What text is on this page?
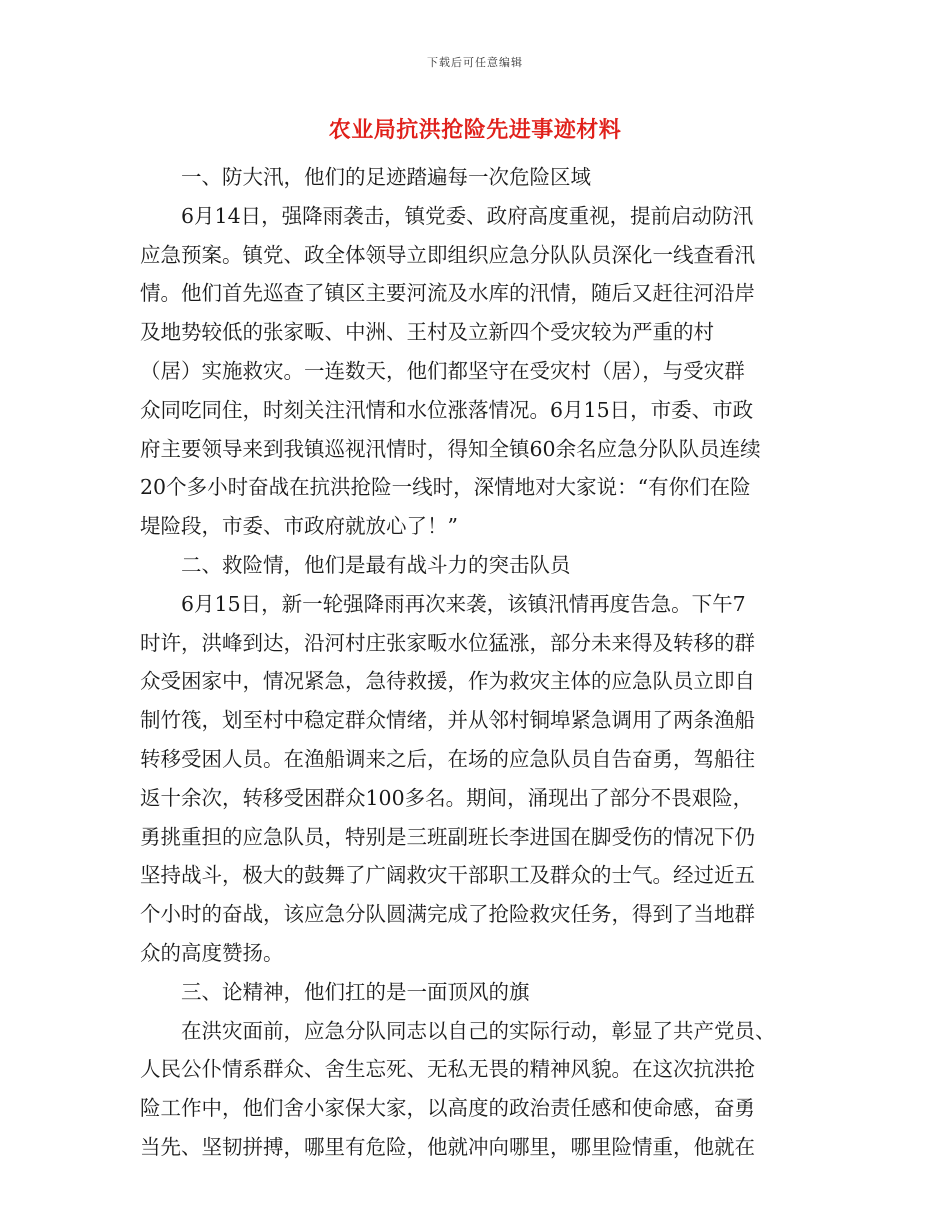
下载后可任意编辑
农业局抗洪抢险先进事迹材料
一、防大汛，他们的足迹踏遍每一次危险区域
6月14日，强降雨袭击，镇党委、政府高度重视，提前启动防汛
应急预案。镇党、政全体领导立即组织应急分队队员深化一线查看汛
情。他们首先巡查了镇区主要河流及水库的汛情，随后又赶往河沿岸
及地势较低的张家畈、中洲、王村及立新四个受灾较为严重的村
（居）实施救灾。一连数天，他们都坚守在受灾村（居），与受灾群
众同吃同住，时刻关注汛情和水位涨落情况。6月15日，市委、市政
府主要领导来到我镇巡视汛情时，得知全镇60余名应急分队队员连续
20个多小时奋战在抗洪抢险一线时，深情地对大家说：“有你们在险
堤险段，市委、市政府就放心了！”
二、救险情，他们是最有战斗力的突击队员
6月15日，新一轮强降雨再次来袭，该镇汛情再度告急。下午7
时许，洪峰到达，沿河村庄张家畈水位猛涨，部分未来得及转移的群
众受困家中，情况紧急，急待救援，作为救灾主体的应急队员立即自
制竹筏，划至村中稳定群众情绪，并从邻村铜埠紧急调用了两条渔船
转移受困人员。在渔船调来之后，在场的应急队员自告奋勇，驾船往
返十余次，转移受困群众100多名。期间，涌现出了部分不畏艰险，
勇挑重担的应急队员，特别是三班副班长李进国在脚受伤的情况下仍
坚持战斗，极大的鼓舞了广阔救灾干部职工及群众的士气。经过近五
个小时的奋战，该应急分队圆满完成了抢险救灾任务，得到了当地群
众的高度赞扬。
三、论精神，他们扛的是一面顶风的旗
在洪灾面前，应急分队同志以自己的实际行动，彰显了共产党员、
人民公仆情系群众、舍生忘死、无私无畏的精神风貌。在这次抗洪抢
险工作中，他们舍小家保大家，以高度的政治责任感和使命感，奋勇
当先、坚韧拼搏，哪里有危险，他就冲向哪里，哪里险情重，他就在
